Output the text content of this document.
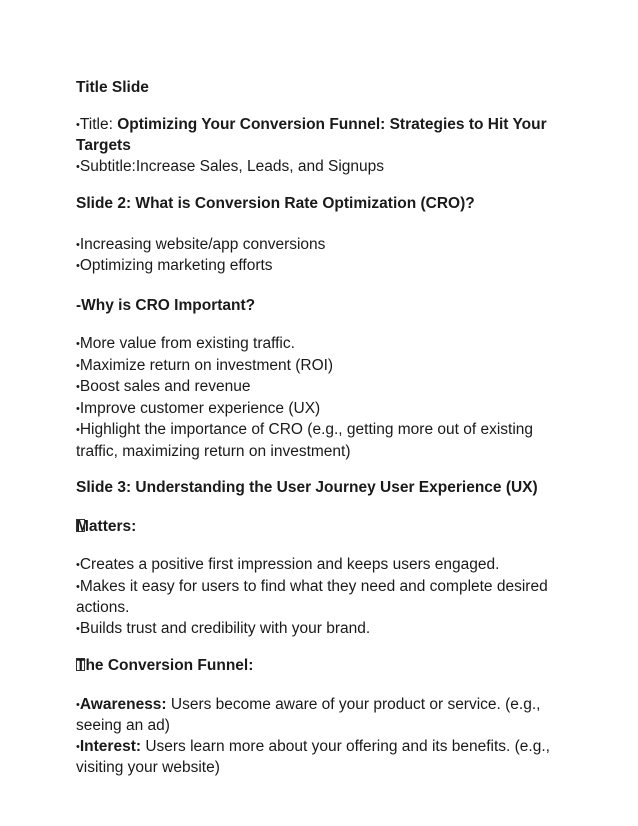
Title Slide

• Title: Optimizing Your Conversion Funnel: Strategies to Hit Your Targets

• Subtitle:Increase Sales, Leads, and Signups

Slide 2: What is Conversion Rate Optimization (CRO)?

• Increasing website/app conversions

• Optimizing marketing efforts

-Why is CRO Important?

• More value from existing traffic.

• Maximize return on investment (ROI)

• Boost sales and revenue

• Improve customer experience (UX)

• Highlight the importance of CRO (e.g., getting more out of existing traffic, maximizing return on investment)

Slide 3: Understanding the User Journey User Experience (UX)

Matters:

• Creates a positive first impression and keeps users engaged.

• Makes it easy for users to find what they need and complete desired actions.

• Builds trust and credibility with your brand.

The Conversion Funnel:

• Awareness: Users become aware of your product or service. (e.g., seeing an ad)

• Interest: Users learn more about your offering and its benefits. (e.g., visiting your website)
